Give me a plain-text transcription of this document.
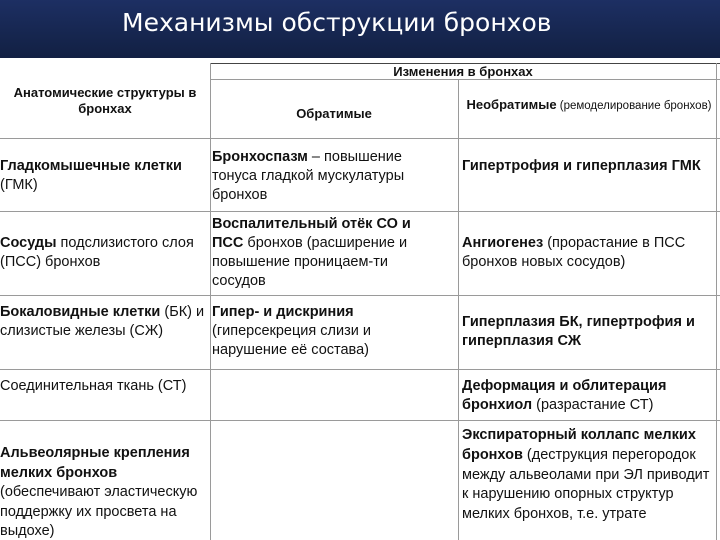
Механизмы обструкции бронхов
Анатомические структуры в бронхах
Изменения в бронхах
Обратимые
Необратимые (ремоделирование бронхов)
Гладкомышечные клетки (ГМК)
Бронхоспазм – повышение тонуса гладкой мускулатуры бронхов
Гипертрофия и гиперплазия ГМК
Сосуды подслизистого слоя (ПСС) бронхов
Воспалительный отёк СО и ПСС бронхов (расширение и повышение проницаем-ти сосудов
Ангиогенез (прорастание в ПСС бронхов новых сосудов)
Бокаловидные клетки (БК) и слизистые железы (СЖ)
Гипер- и дискриния (гиперсекреция слизи и нарушение её состава)
Гиперплазия БК, гипертрофия и гиперплазия СЖ
Соединительная ткань (СТ)	Деформация и облитерация бронхиол (разрастание СТ)
Альвеолярные крепления мелких бронхов (обеспечивают эластическую поддержку их просвета на выдохе)
Экспираторный коллапс мелких бронхов (деструкция перегородок между альвеолами при ЭЛ приводит к нарушению опорных структур мелких бронхов, т.е. утрате
